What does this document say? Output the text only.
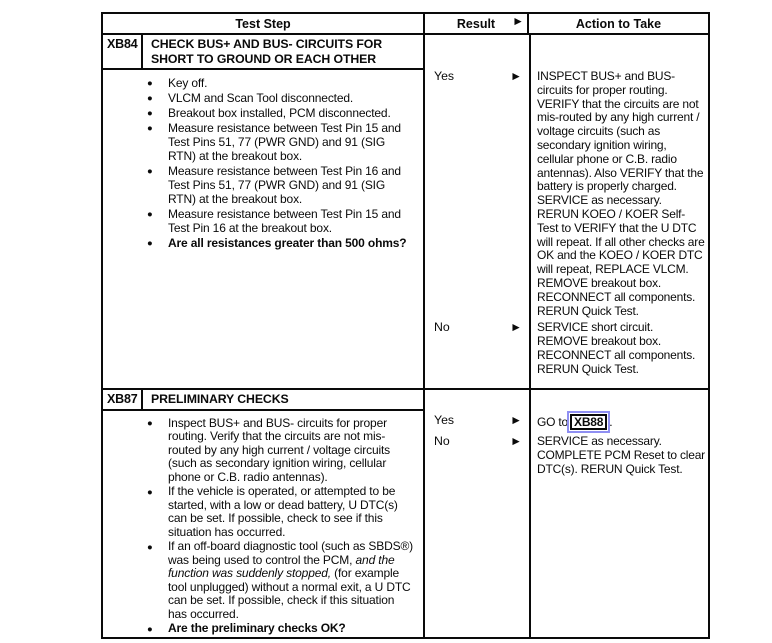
Test Step	Result ►	Action to Take
XB84	CHECK BUS+ AND BUS- CIRCUITS FOR SHORT TO GROUND OR EACH OTHER
● Key off.
● VLCM and Scan Tool disconnected.
● Breakout box installed, PCM disconnected.
● Measure resistance between Test Pin 15 and Test Pins 51, 77 (PWR GND) and 91 (SIG RTN) at the breakout box.
● Measure resistance between Test Pin 16 and Test Pins 51, 77 (PWR GND) and 91 (SIG RTN) at the breakout box.
● Measure resistance between Test Pin 15 and Test Pin 16 at the breakout box.
● Are all resistances greater than 500 ohms?
Yes	►	INSPECT BUS+ and BUS- circuits for proper routing. VERIFY that the circuits are not mis-routed by any high current / voltage circuits (such as secondary ignition wiring, cellular phone or C.B. radio antennas). Also VERIFY that the battery is properly charged. SERVICE as necessary. RERUN KOEO / KOER Self-Test to VERIFY that the U DTC will repeat. If all other checks are OK and the KOEO / KOER DTC will repeat, REPLACE VLCM. REMOVE breakout box. RECONNECT all components. RERUN Quick Test.
No	►	SERVICE short circuit. REMOVE breakout box. RECONNECT all components. RERUN Quick Test.
XB87	PRELIMINARY CHECKS
● Inspect BUS+ and BUS- circuits for proper routing. Verify that the circuits are not mis-routed by any high current / voltage circuits (such as secondary ignition wiring, cellular phone or C.B. radio antennas).
● If the vehicle is operated, or attempted to be started, with a low or dead battery, U DTC(s) can be set. If possible, check to see if this situation has occurred.
● If an off-board diagnostic tool (such as SBDS®) was being used to control the PCM, and the function was suddenly stopped, (for example tool unplugged) without a normal exit, a U DTC can be set. If possible, check if this situation has occurred.
● Are the preliminary checks OK?
Yes	►	GO to XB88 .
No	►	SERVICE as necessary. COMPLETE PCM Reset to clear DTC(s). RERUN Quick Test.
